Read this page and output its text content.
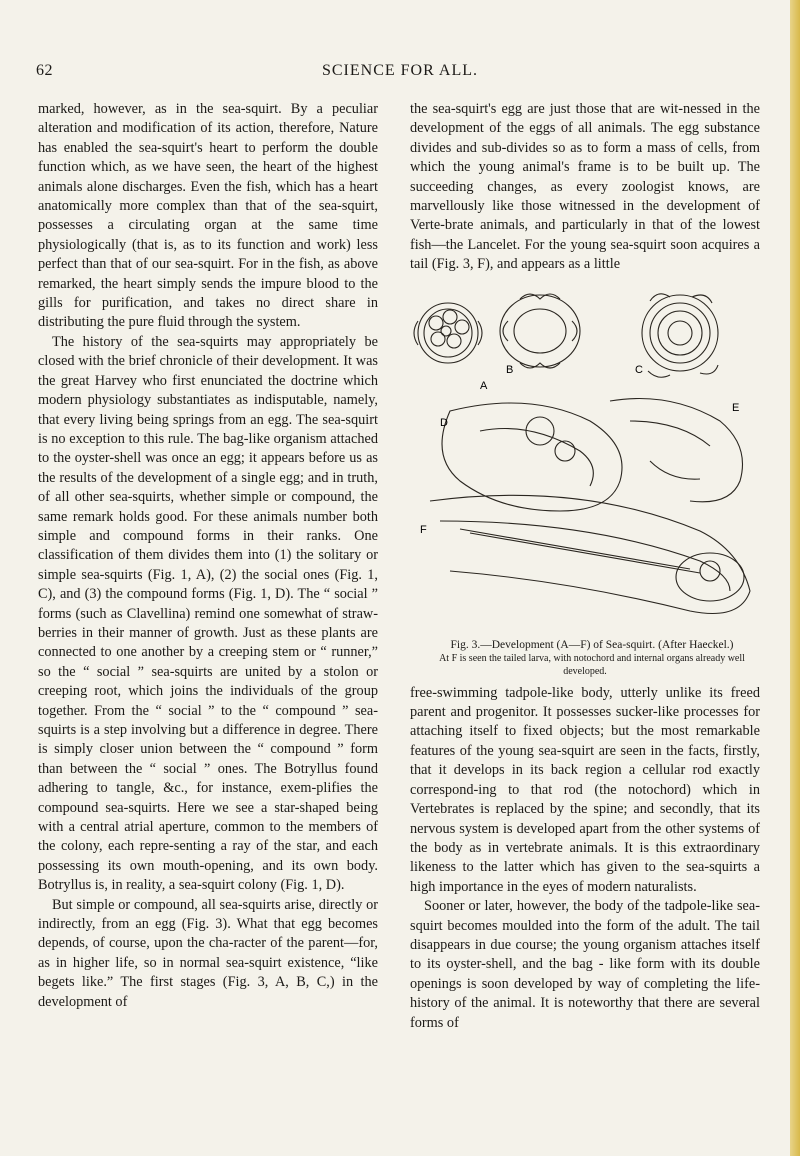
62	SCIENCE FOR ALL.

marked, however, as in the sea-squirt. By a peculiar alteration and modification of its action, therefore, Nature has enabled the sea-squirt's heart to perform the double function which, as we have seen, the heart of the highest animals alone discharges. Even the fish, which has a heart anatomically more complex than that of the sea-squirt, possesses a circulating organ at the same time physiologically (that is, as to its function and work) less perfect than that of our sea-squirt. For in the fish, as above remarked, the heart simply sends the impure blood to the gills for purification, and takes no direct share in distributing the pure fluid through the system.

The history of the sea-squirts may appropriately be closed with the brief chronicle of their development. It was the great Harvey who first enunciated the doctrine which modern physiology substantiates as indisputable, namely, that every living being springs from an egg. The sea-squirt is no exception to this rule. The bag-like organism attached to the oyster-shell was once an egg; it appears before us as the results of the development of a single egg; and in truth, of all other sea-squirts, whether simple or compound, the same remark holds good. For these animals number both simple and compound forms in their ranks. One classification of them divides them into (1) the solitary or simple sea-squirts (Fig. 1, A), (2) the social ones (Fig. 1, C), and (3) the compound forms (Fig. 1, D). The “ social ” forms (such as Clavellina) remind one somewhat of straw-berries in their manner of growth. Just as these plants are connected to one another by a creeping stem or “ runner,” so the “ social ” sea-squirts are united by a stolon or creeping root, which joins the individuals of the group together. From the “ social ” to the “ compound ” sea-squirts is a step involving but a difference in degree. There is simply closer union between the “ compound ” form than between the “ social ” ones. The Botryllus found adhering to tangle, &c., for instance, exem-plifies the compound sea-squirts. Here we see a star-shaped being with a central atrial aperture, common to the members of the colony, each repre-senting a ray of the star, and each possessing its own mouth-opening, and its own body. Botryllus is, in reality, a sea-squirt colony (Fig. 1, D).

But simple or compound, all sea-squirts arise, directly or indirectly, from an egg (Fig. 3). What that egg becomes depends, of course, upon the cha-racter of the parent—for, as in higher life, so in normal sea-squirt existence, “like begets like.” The first stages (Fig. 3, A, B, C,) in the development of

the sea-squirt's egg are just those that are wit-nessed in the development of the eggs of all animals. The egg substance divides and sub-divides so as to form a mass of cells, from which the young animal's frame is to be built up. The succeeding changes, as every zoologist knows, are marvellously like those witnessed in the development of Verte-brate animals, and particularly in that of the lowest fish—the Lancelet. For the young sea-squirt soon acquires a tail (Fig. 3, F), and appears as a little

A
B	C
D
E
F

Fig. 3.—Development (A—F) of Sea-squirt. (After Haeckel.)
At F is seen the tailed larva, with notochord and internal organs already well developed.

free-swimming tadpole-like body, utterly unlike its freed parent and progenitor. It possesses sucker-like processes for attaching itself to fixed objects; but the most remarkable features of the young sea-squirt are seen in the facts, firstly, that it develops in its back region a cellular rod exactly correspond-ing to that rod (the notochord) which in Vertebrates is replaced by the spine; and secondly, that its nervous system is developed apart from the other systems of the body as in vertebrate animals. It is this extraordinary likeness to the latter which has given to the sea-squirts a high importance in the eyes of modern naturalists.

Sooner or later, however, the body of the tadpole-like sea-squirt becomes moulded into the form of the adult. The tail disappears in due course; the young organism attaches itself to its oyster-shell, and the bag - like form with its double openings is soon developed by way of completing the life-history of the animal. It is noteworthy that there are several forms of
